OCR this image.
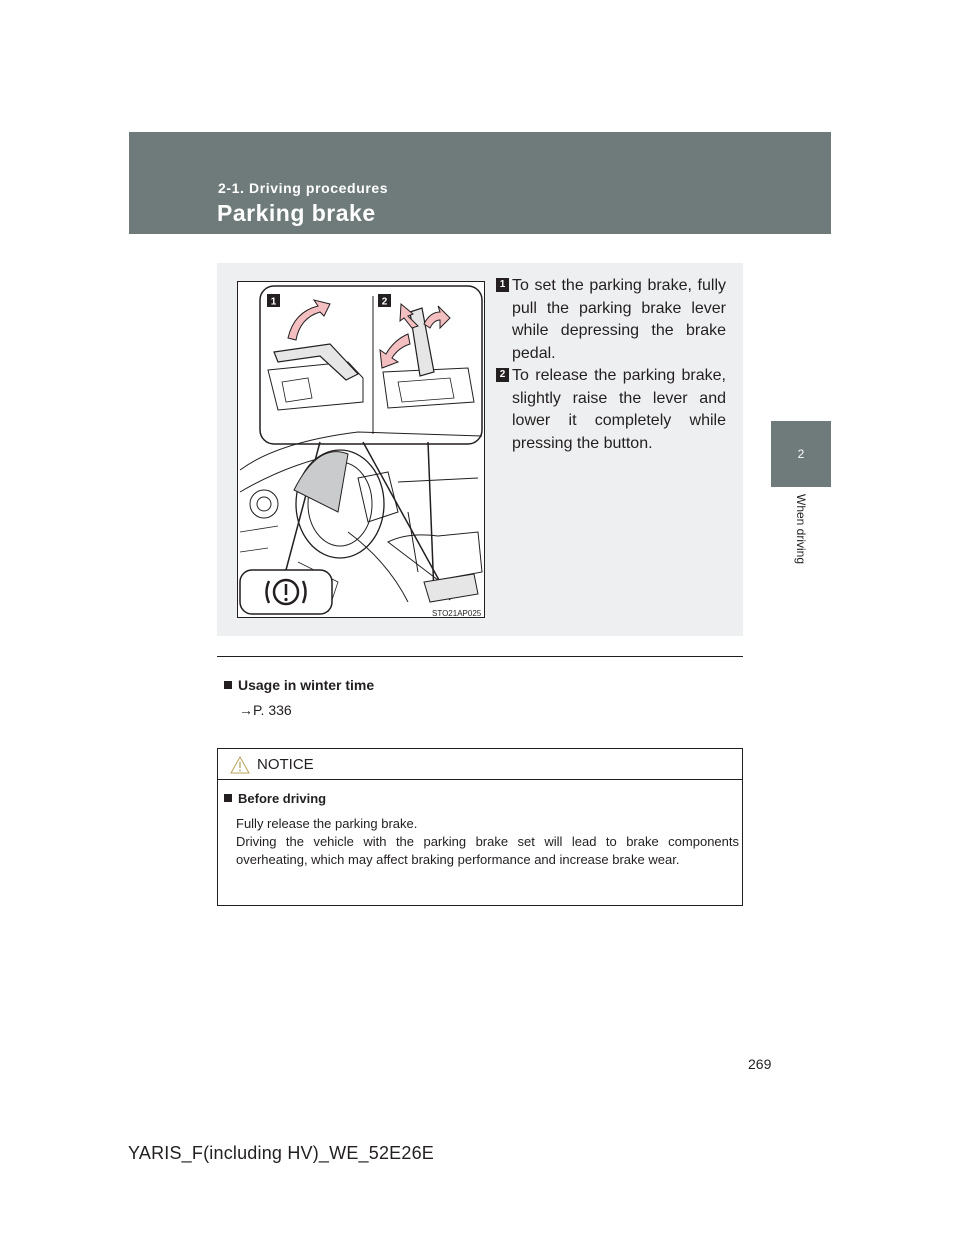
2-1. Driving procedures
Parking brake
2
When driving
1	2
STO21AP025
1 To set the parking brake, fully pull the parking brake lever while depressing the brake pedal.
2 To release the parking brake, slightly raise the lever and lower it completely while pressing the button.
Usage in winter time
→P. 336
NOTICE
Before driving

Fully release the parking brake.

Driving the vehicle with the parking brake set will lead to brake components overheating, which may affect braking performance and increase brake wear.

269
YARIS_F(including HV)_WE_52E26E
